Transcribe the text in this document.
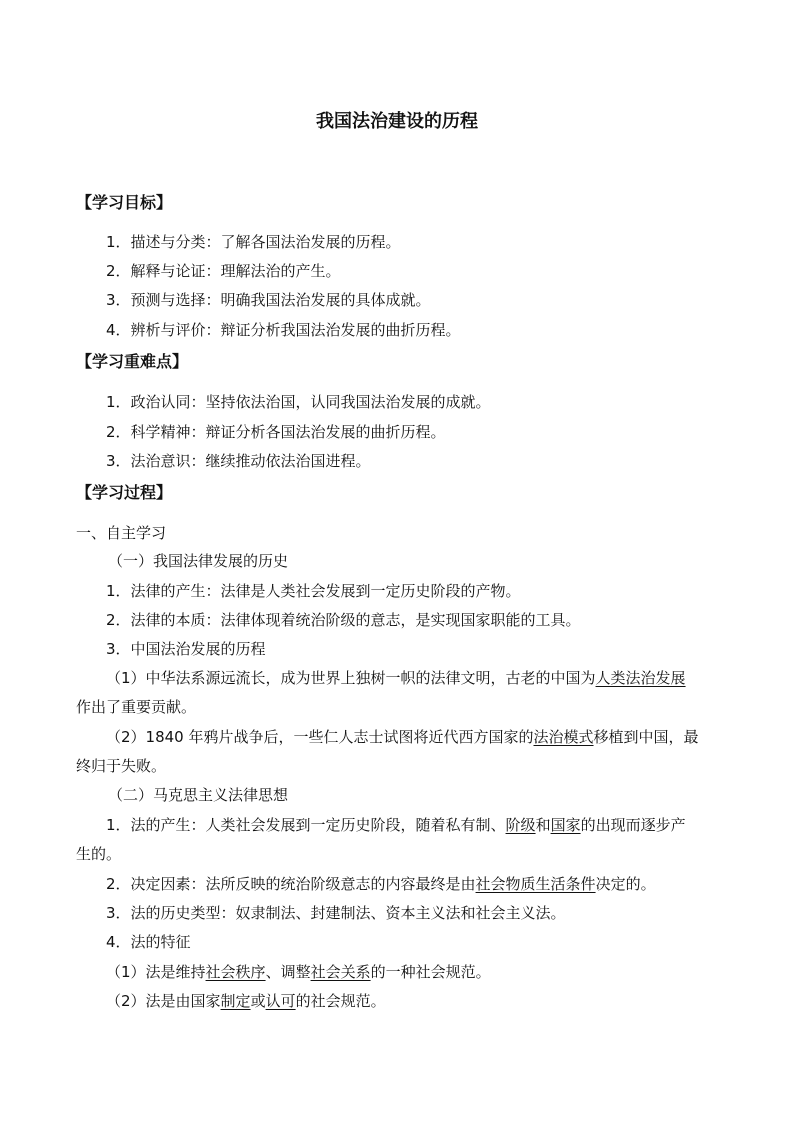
我国法治建设的历程
【学习目标】
1．描述与分类：了解各国法治发展的历程。
2．解释与论证：理解法治的产生。
3．预测与选择：明确我国法治发展的具体成就。
4．辨析与评价：辩证分析我国法治发展的曲折历程。
【学习重难点】
1．政治认同：坚持依法治国，认同我国法治发展的成就。
2．科学精神：辩证分析各国法治发展的曲折历程。
3．法治意识：继续推动依法治国进程。
【学习过程】
一、自主学习
（一）我国法律发展的历史
1．法律的产生：法律是人类社会发展到一定历史阶段的产物。
2．法律的本质：法律体现着统治阶级的意志，是实现国家职能的工具。
3．中国法治发展的历程
（1）中华法系源远流长，成为世界上独树一帜的法律文明，古老的中国为人类法治发展
作出了重要贡献。
（2）1840 年鸦片战争后，一些仁人志士试图将近代西方国家的法治模式移植到中国，最
终归于失败。
（二）马克思主义法律思想
1．法的产生：人类社会发展到一定历史阶段，随着私有制、阶级和国家的出现而逐步产
生的。
2．决定因素：法所反映的统治阶级意志的内容最终是由社会物质生活条件决定的。
3．法的历史类型：奴隶制法、封建制法、资本主义法和社会主义法。
4．法的特征
（1）法是维持社会秩序、调整社会关系的一种社会规范。
（2）法是由国家制定或认可的社会规范。
